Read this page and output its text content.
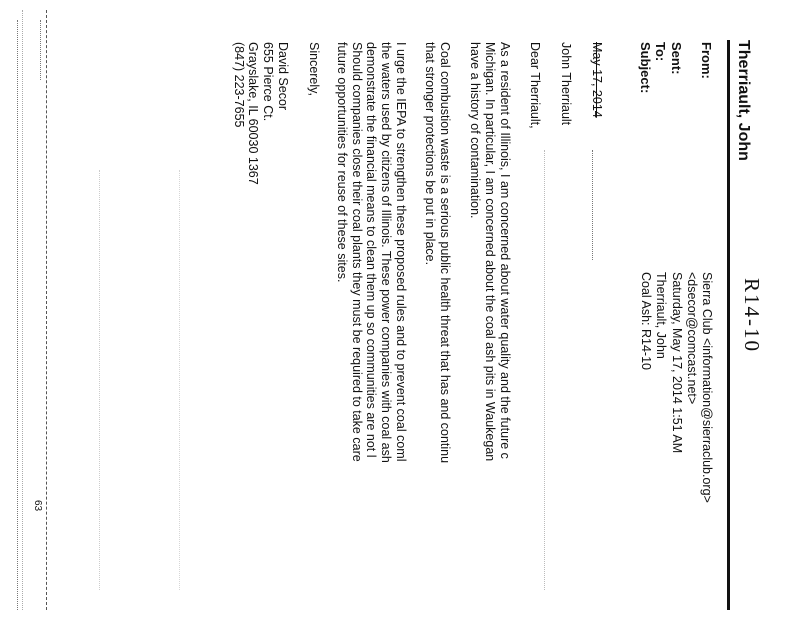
R14-10
Therriault, John
From:
Sent:
To:
Subject:
Sierra Club <information@sierraclub.org>
<dsecor@comcast.net>
Saturday, May 17, 2014 1:51 AM
Therriault, John
Coal Ash: R14-10
May 17, 2014
John Therriault
Dear Therriault,
As a resident of Illinois, I am concerned about water quality and the future c
Michigan. In particular, I am concerned about the coal ash pits in Waukegan
have a history of contamination.
Coal combustion waste is a serious public health threat that has and continu
that stronger protections be put in place.
I urge the IEPA to strengthen these proposed rules and to prevent coal coml
the waters used by citizens of Illinois. These power companies with coal ash
demonstrate the financial means to clean them up so communities are not l
Should companies close their coal plants they must be required to take care
future opportunities for reuse of these sites.
Sincerely,
David Secor
655 Pierce Ct.
Grayslake, IL 60030 1367
(847) 223-7655
63
